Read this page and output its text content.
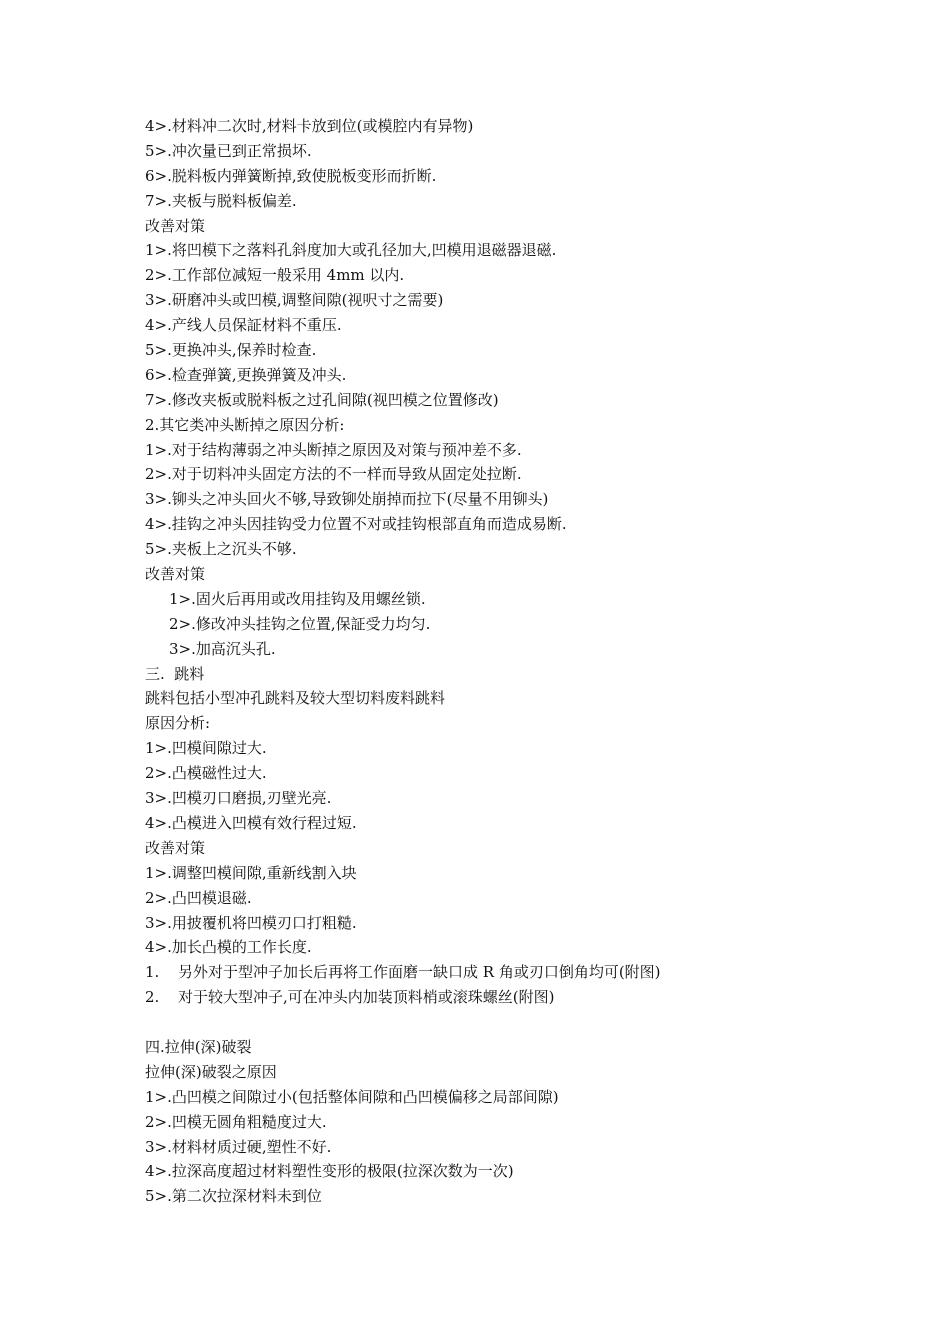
4>.材料冲二次时,材料卡放到位(或模腔内有异物)
5>.冲次量已到正常损坏.
6>.脱料板内弹簧断掉,致使脱板变形而折断.
7>.夹板与脱料板偏差.
改善对策
1>.将凹模下之落料孔斜度加大或孔径加大,凹模用退磁器退磁.
2>.工作部位减短一般采用 4mm 以内.
3>.研磨冲头或凹模,调整间隙(视呎寸之需要)
4>.产线人员保証材料不重压.
5>.更换冲头,保养时检查.
6>.检查弹簧,更换弹簧及冲头.
7>.修改夹板或脱料板之过孔间隙(视凹模之位置修改)
2.其它类冲头断掉之原因分析:
1>.对于结构薄弱之冲头断掉之原因及对策与预冲差不多.
2>.对于切料冲头固定方法的不一样而导致从固定处拉断.
3>.铆头之冲头回火不够,导致铆处崩掉而拉下(尽量不用铆头)
4>.挂钩之冲头因挂钩受力位置不对或挂钩根部直角而造成易断.
5>.夹板上之沉头不够.
改善对策
1>.固火后再用或改用挂钩及用螺丝锁.
2>.修改冲头挂钩之位置,保証受力均匀.
3>.加高沉头孔.
三.  跳料
跳料包括小型冲孔跳料及较大型切料废料跳料
原因分析:
1>.凹模间隙过大.
2>.凸模磁性过大.
3>.凹模刃口磨损,刃壁光亮.
4>.凸模进入凹模有效行程过短.
改善对策
1>.调整凹模间隙,重新线割入块
2>.凸凹模退磁.
3>.用披覆机将凹模刃口打粗糙.
4>.加长凸模的工作长度.
1. 另外对于型冲子加长后再将工作面磨一缺口成 R 角或刃口倒角均可(附图)
2. 对于较大型冲子,可在冲头内加装顶料梢或滚珠螺丝(附图)
四.拉伸(深)破裂
拉伸(深)破裂之原因
1>.凸凹模之间隙过小(包括整体间隙和凸凹模偏移之局部间隙)
2>.凹模无圆角粗糙度过大.
3>.材料材质过硬,塑性不好.
4>.拉深高度超过材料塑性变形的极限(拉深次数为一次)
5>.第二次拉深材料未到位
